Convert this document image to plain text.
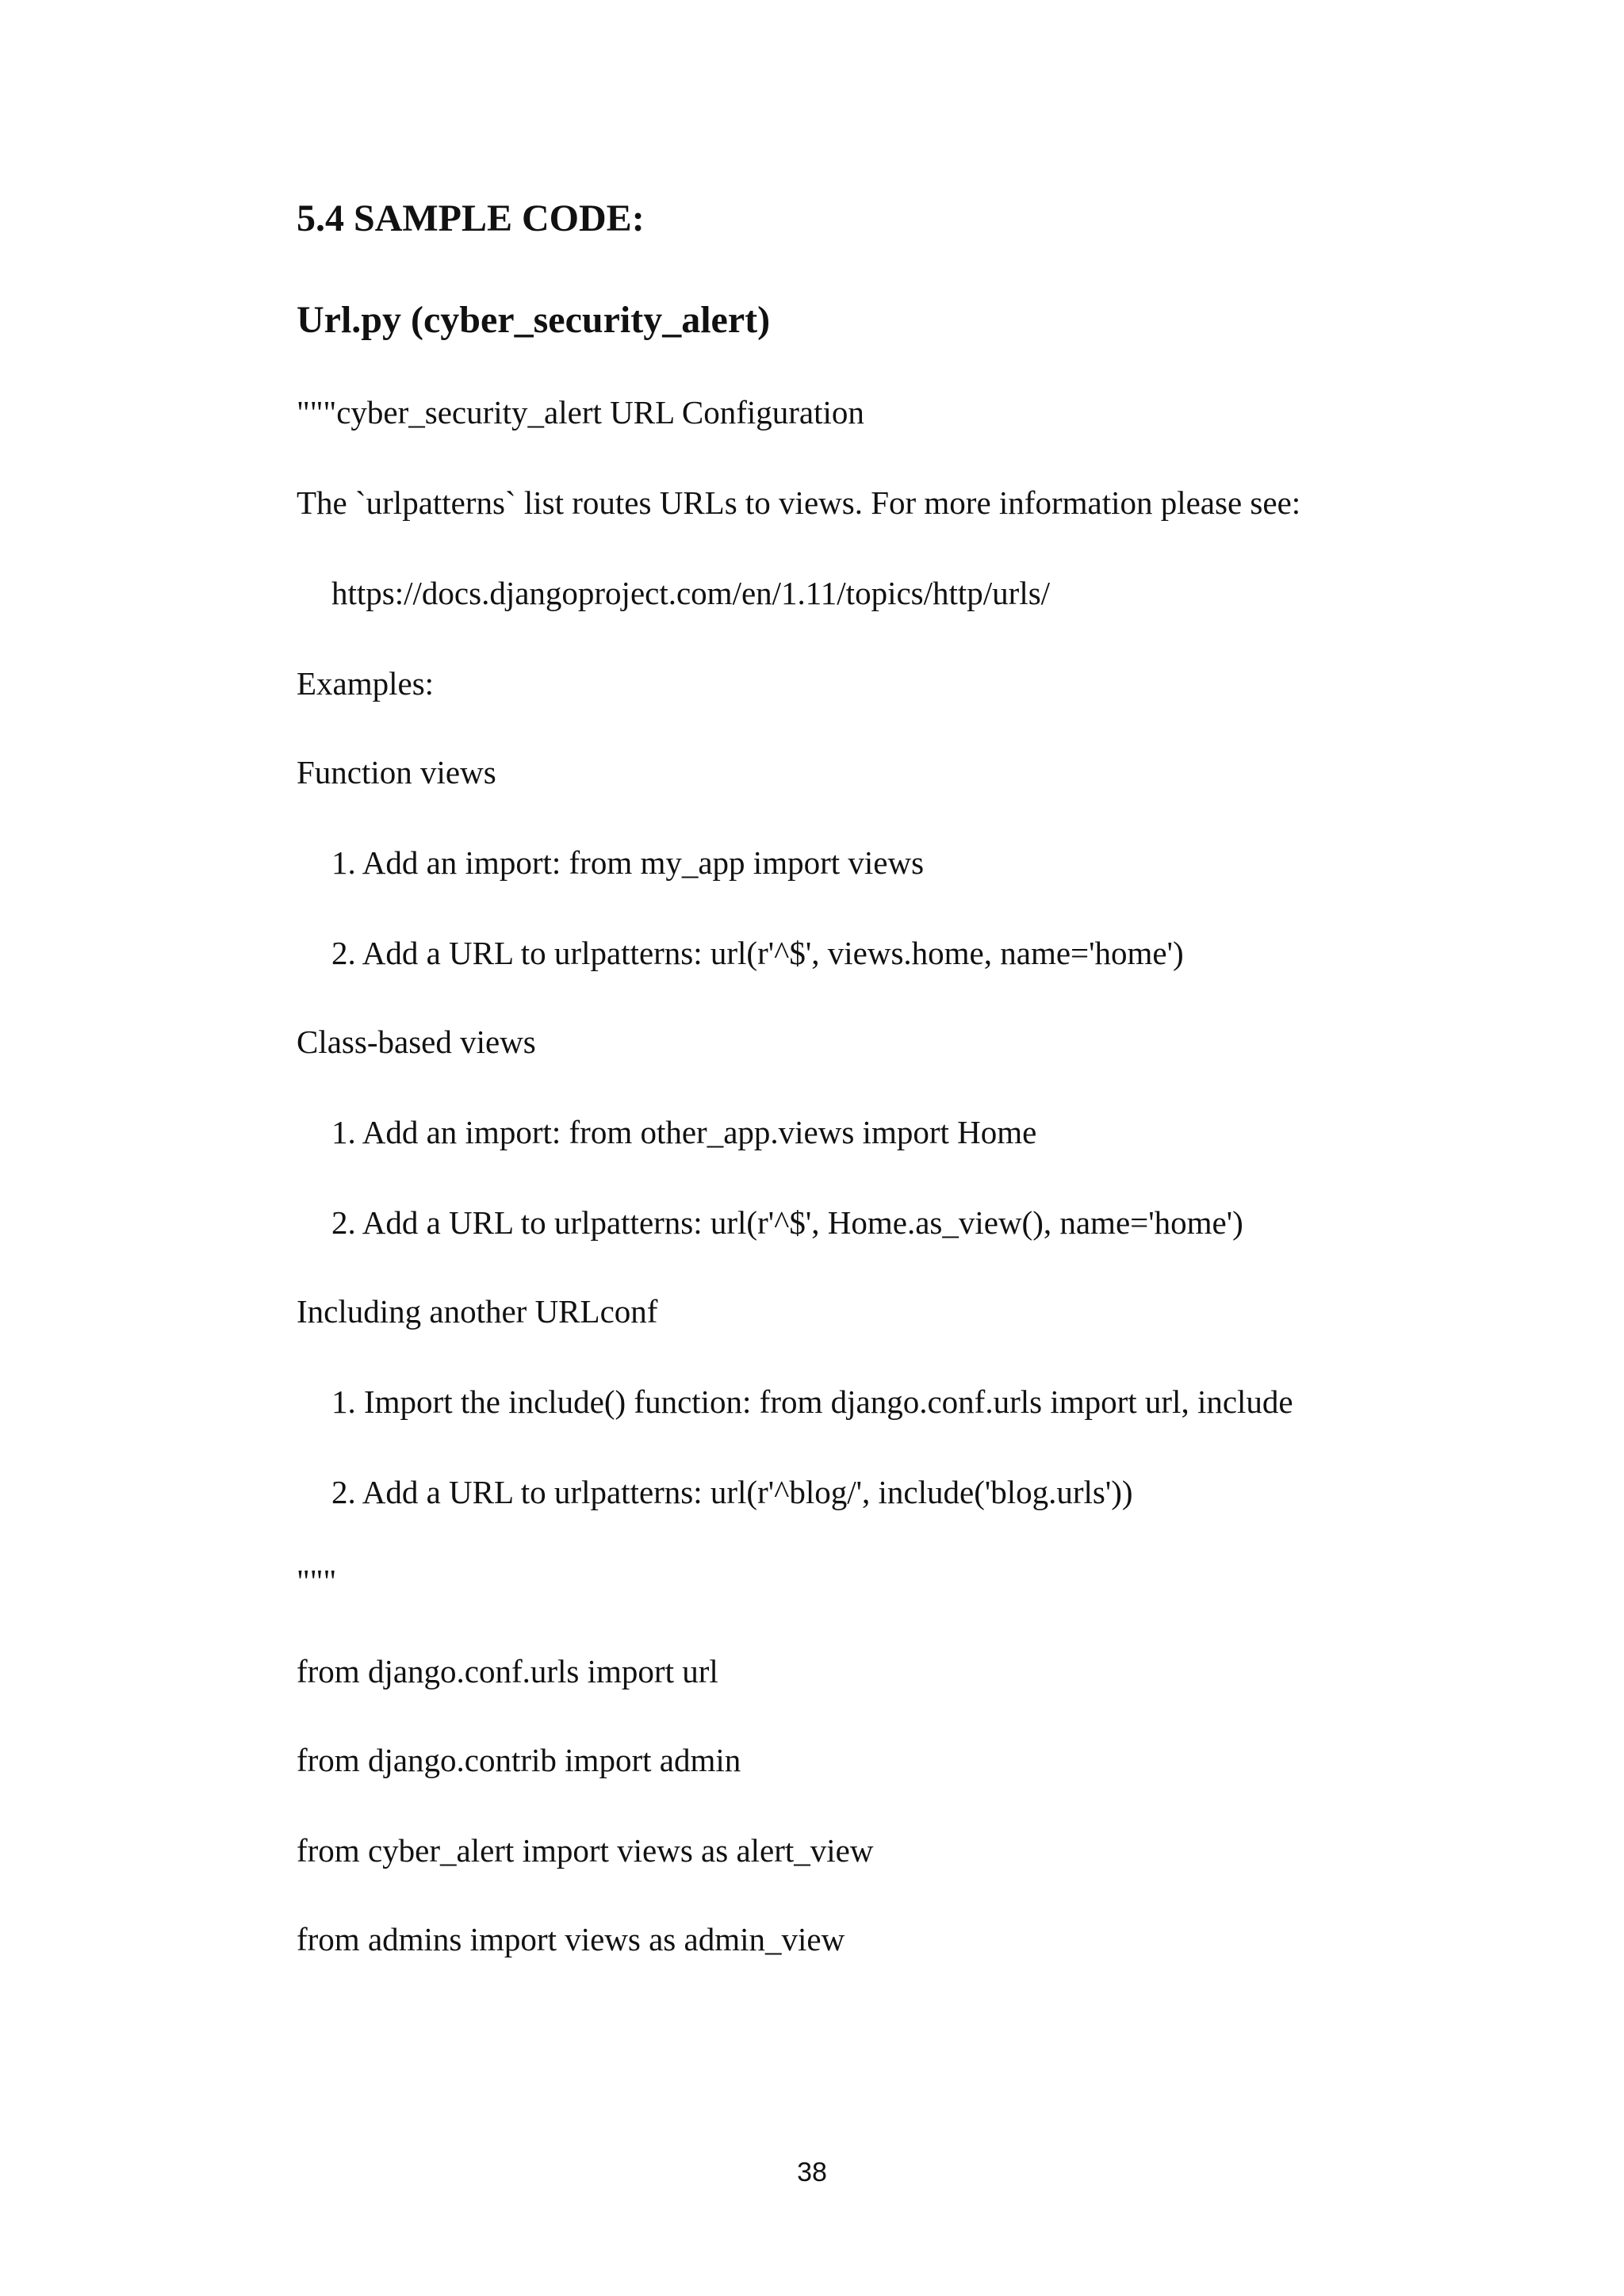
5.4 SAMPLE CODE:
Url.py (cyber_security_alert)

"""cyber_security_alert URL Configuration

The `urlpatterns` list routes URLs to views. For more information please see:

https://docs.djangoproject.com/en/1.11/topics/http/urls/

Examples:

Function views

1. Add an import: from my_app import views

2. Add a URL to urlpatterns: url(r'^$', views.home, name='home')

Class-based views

1. Add an import: from other_app.views import Home

2. Add a URL to urlpatterns: url(r'^$', Home.as_view(), name='home')

Including another URLconf

1. Import the include() function: from django.conf.urls import url, include

2. Add a URL to urlpatterns: url(r'^blog/', include('blog.urls'))

"""

from django.conf.urls import url

from django.contrib import admin

from cyber_alert import views as alert_view

from admins import views as admin_view

38
